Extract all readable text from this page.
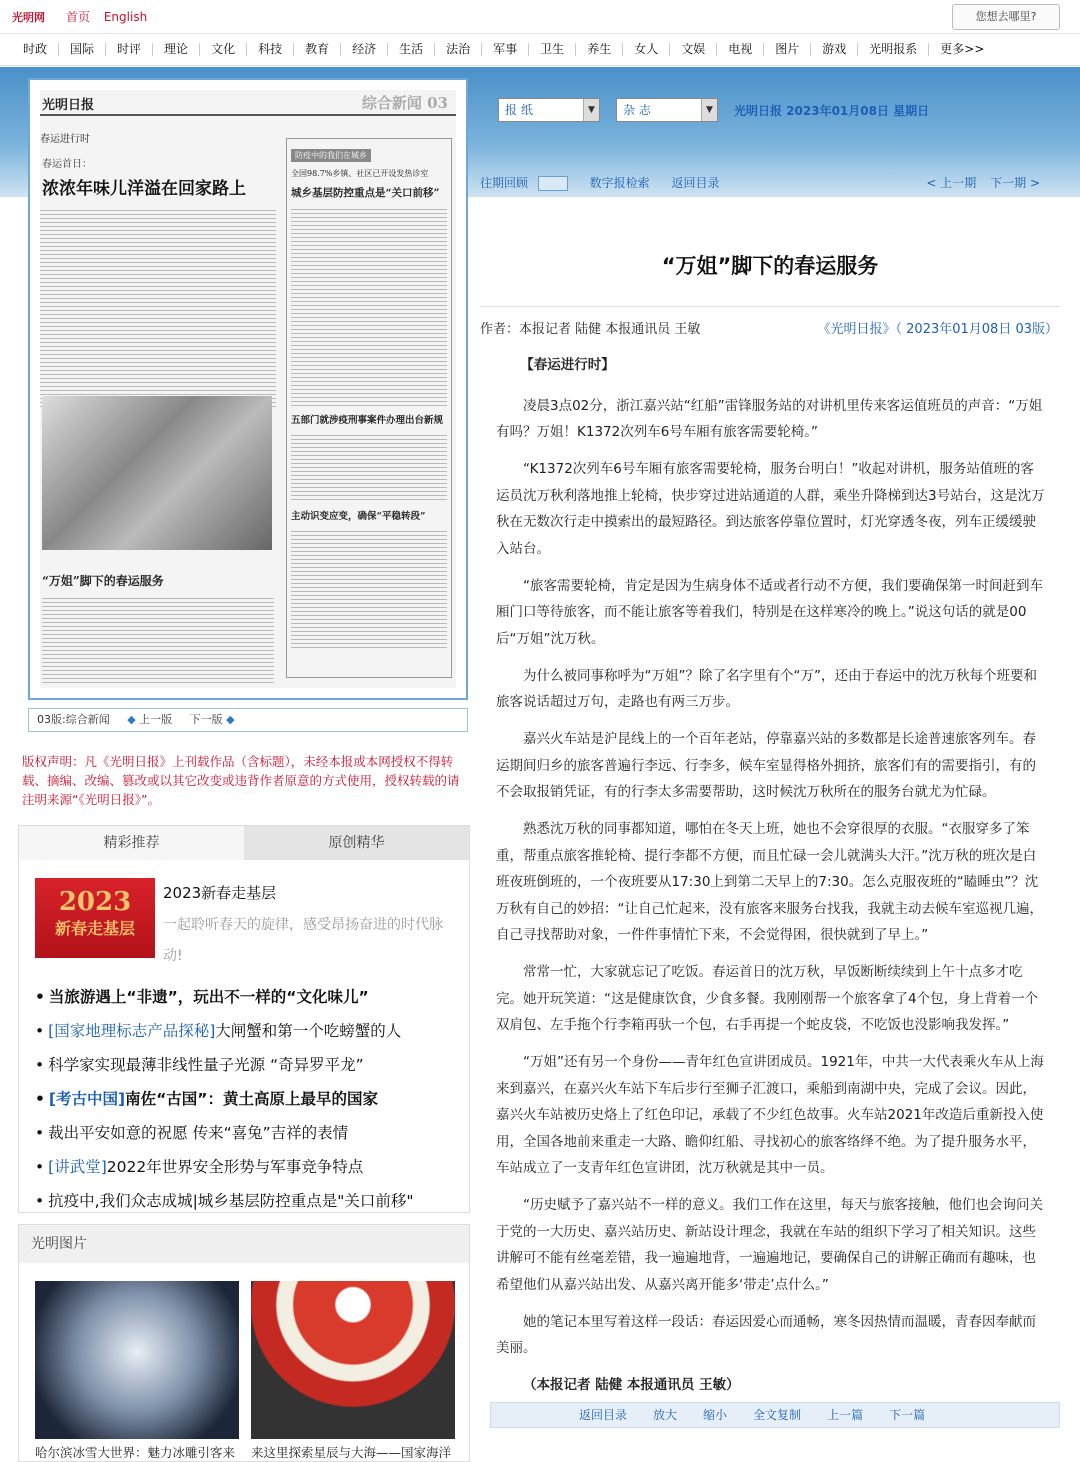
光明网	首页 English	您想去哪里?
时政	国际	时评	理论	文化	科技	教育	经济	生活	法治	军事	卫生	养生	女人	文娱	电视	图片	游戏	光明报系	更多>>
光明日报	综合新闻 03
春运进行时
春运首日：
浓浓年味儿洋溢在回家路上
“万姐”脚下的春运服务
防疫中的我们在城乡
全国98.7%乡镇、社区已开设发热诊室
城乡基层防控重点是“关口前移”
五部门就涉疫刑事案件办理出台新规
主动识变应变，确保“平稳转段”
03版:综合新闻 ◆ 上一版 下一版 ◆
版权声明：凡《光明日报》上刊载作品（含标题），未经本报或本网授权不得转载、摘编、改编、篡改或以其它改变或违背作者原意的方式使用，授权转载的请注明来源“《光明日报》”。
精彩推荐	原创精华
2023
新春走基层
2023新春走基层
一起聆听春天的旋律，感受昂扬奋进的时代脉动!
• 当旅游遇上“非遗”，玩出不一样的“文化味儿”
• [国家地理标志产品探秘]大闸蟹和第一个吃螃蟹的人
• 科学家实现最薄非线性量子光源 “奇异罗平龙”
• [考古中国]南佐“古国”：黄土高原上最早的国家
• 裁出平安如意的祝愿 传来“喜兔”吉祥的表情
• [讲武堂]2022年世界安全形势与军事竞争特点
• 抗疫中,我们众志成城|城乡基层防控重点是"关口前移"
光明图片
哈尔滨冰雪大世界：魅力冰雕引客来	来这里探索星辰与大海——国家海洋
报 纸	▼	杂 志	▼	光明日报 2023年01月08日 星期日
往期回顾	数字报检索 返回目录	< 上一期 下一期 >
“万姐”脚下的春运服务
作者：本报记者 陆健 本报通讯员 王敏	《光明日报》（ 2023年01月08日 03版）

【春运进行时】

凌晨3点02分，浙江嘉兴站“红船”雷锋服务站的对讲机里传来客运值班员的声音：“万姐有吗？万姐！K1372次列车6号车厢有旅客需要轮椅。”

“K1372次列车6号车厢有旅客需要轮椅，服务台明白！”收起对讲机，服务站值班的客运员沈万秋利落地推上轮椅，快步穿过进站通道的人群，乘坐升降梯到达3号站台，这是沈万秋在无数次行走中摸索出的最短路径。到达旅客停靠位置时，灯光穿透冬夜，列车正缓缓驶入站台。

“旅客需要轮椅，肯定是因为生病身体不适或者行动不方便，我们要确保第一时间赶到车厢门口等待旅客，而不能让旅客等着我们，特别是在这样寒冷的晚上。”说这句话的就是00后“万姐”沈万秋。

为什么被同事称呼为“万姐”？除了名字里有个“万”，还由于春运中的沈万秋每个班要和旅客说话超过万句，走路也有两三万步。

嘉兴火车站是沪昆线上的一个百年老站，停靠嘉兴站的多数都是长途普速旅客列车。春运期间归乡的旅客普遍行李远、行李多，候车室显得格外拥挤，旅客们有的需要指引，有的不会取报销凭证，有的行李太多需要帮助，这时候沈万秋所在的服务台就尤为忙碌。

熟悉沈万秋的同事都知道，哪怕在冬天上班，她也不会穿很厚的衣服。“衣服穿多了笨重，帮重点旅客推轮椅、提行李都不方便，而且忙碌一会儿就满头大汗。”沈万秋的班次是白班夜班倒班的，一个夜班要从17:30上到第二天早上的7:30。怎么克服夜班的“瞌睡虫”？沈万秋有自己的妙招：“让自己忙起来，没有旅客来服务台找我，我就主动去候车室巡视几遍，自己寻找帮助对象，一件件事情忙下来，不会觉得困，很快就到了早上。”

常常一忙，大家就忘记了吃饭。春运首日的沈万秋，早饭断断续续到上午十点多才吃完。她开玩笑道：“这是健康饮食，少食多餐。我刚刚帮一个旅客拿了4个包，身上背着一个双肩包、左手拖个行李箱再驮一个包，右手再提一个蛇皮袋，不吃饭也没影响我发挥。”

“万姐”还有另一个身份——青年红色宣讲团成员。1921年，中共一大代表乘火车从上海来到嘉兴，在嘉兴火车站下车后步行至狮子汇渡口，乘船到南湖中央，完成了会议。因此，嘉兴火车站被历史烙上了红色印记，承载了不少红色故事。火车站2021年改造后重新投入使用，全国各地前来重走一大路、瞻仰红船、寻找初心的旅客络绎不绝。为了提升服务水平，车站成立了一支青年红色宣讲团，沈万秋就是其中一员。

“历史赋予了嘉兴站不一样的意义。我们工作在这里，每天与旅客接触，他们也会询问关于党的一大历史、嘉兴站历史、新站设计理念，我就在车站的组织下学习了相关知识。这些讲解可不能有丝毫差错，我一遍遍地背，一遍遍地记，要确保自己的讲解正确而有趣味，也希望他们从嘉兴站出发、从嘉兴离开能多‘带走’点什么。”

她的笔记本里写着这样一段话：春运因爱心而通畅，寒冬因热情而温暖，青春因奉献而美丽。

（本报记者 陆健 本报通讯员 王敏）

返回目录 放大 缩小 全文复制 上一篇 下一篇
